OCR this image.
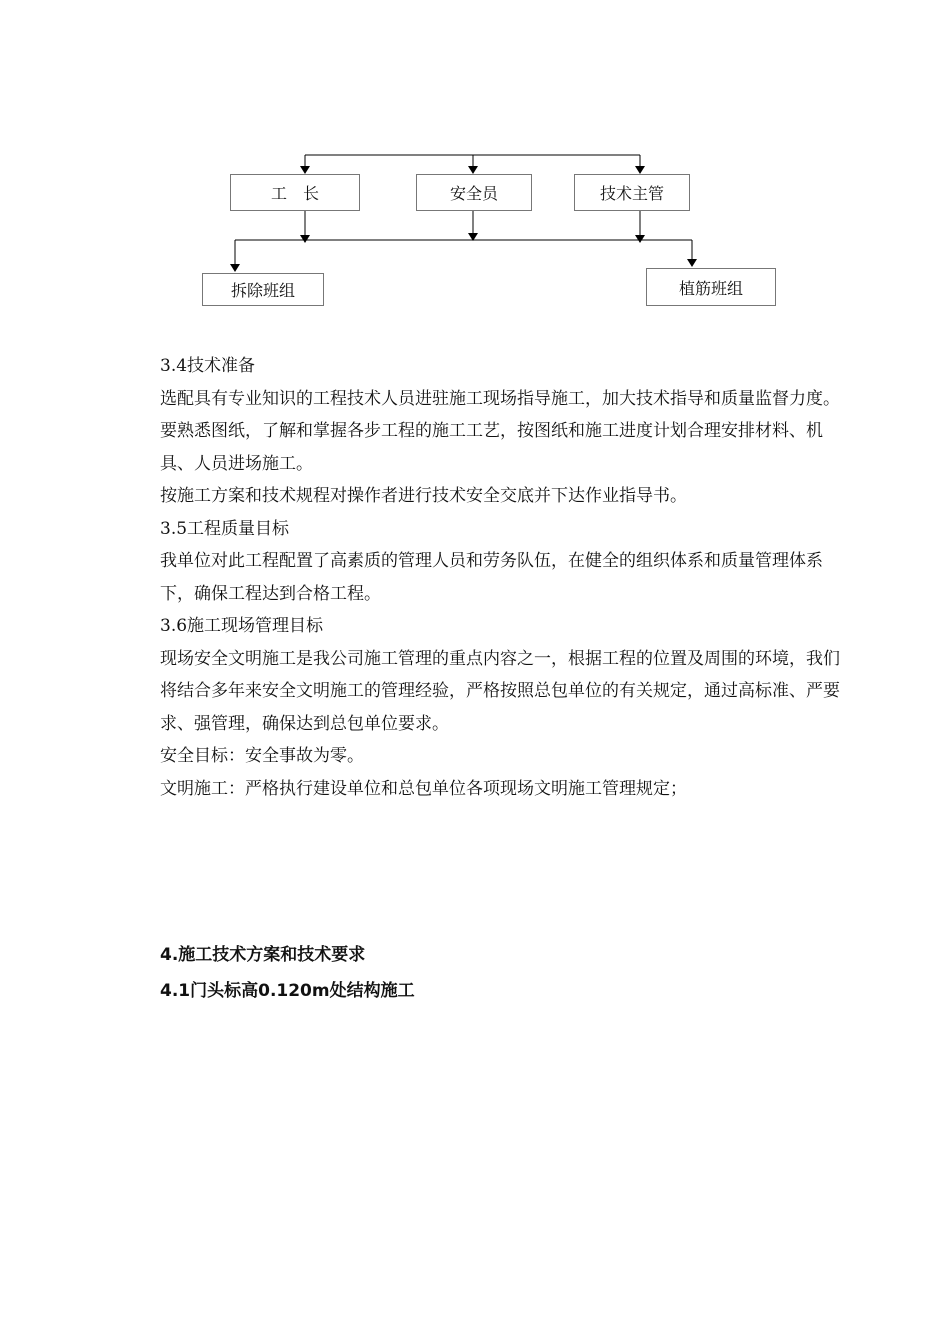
工　长	安全员	技术主管
拆除班组	植筋班组

3.4技术准备

选配具有专业知识的工程技术人员进驻施工现场指导施工，加大技术指导和质量监督力度。要熟悉图纸，了解和掌握各步工程的施工工艺，按图纸和施工进度计划合理安排材料、机具、人员进场施工。

按施工方案和技术规程对操作者进行技术安全交底并下达作业指导书。

3.5工程质量目标

我单位对此工程配置了高素质的管理人员和劳务队伍，在健全的组织体系和质量管理体系下，确保工程达到合格工程。

3.6施工现场管理目标

现场安全文明施工是我公司施工管理的重点内容之一，根据工程的位置及周围的环境，我们将结合多年来安全文明施工的管理经验，严格按照总包单位的有关规定，通过高标准、严要求、强管理，确保达到总包单位要求。

安全目标：安全事故为零。

文明施工：严格执行建设单位和总包单位各项现场文明施工管理规定；

4.施工技术方案和技术要求
4.1门头标高0.120m处结构施工
